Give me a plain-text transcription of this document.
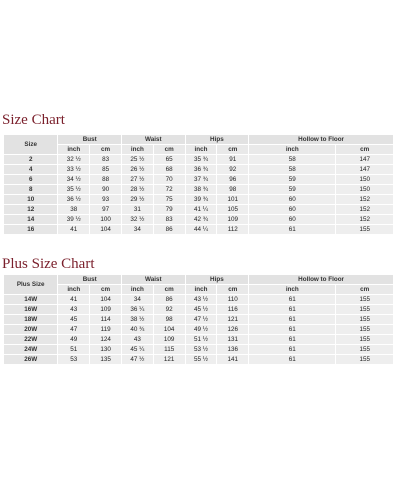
Size Chart
Size	Bust		Waist		Hips		Hollow to Floor	
	inch	cm	inch	cm	inch	cm	inch	cm
2	32 ½	83	25 ½	65	35 ¾	91	58	147
4	33 ½	85	26 ½	68	36 ¾	92	58	147
6	34 ½	88	27 ½	70	37 ¾	96	59	150
8	35 ½	90	28 ½	72	38 ¾	98	59	150
10	36 ½	93	29 ½	75	39 ¾	101	60	152
12	38	97	31	79	41 ¼	105	60	152
14	39 ½	100	32 ½	83	42 ¾	109	60	152
16	41	104	34	86	44 ¼	112	61	155
Plus Size Chart
Plus Size	Bust		Waist		Hips		Hollow to Floor	
	inch	cm	inch	cm	inch	cm	inch	cm
14W	41	104	34	86	43 ½	110	61	155
16W	43	109	36 ¼	92	45 ½	116	61	155
18W	45	114	38 ½	98	47 ½	121	61	155
20W	47	119	40 ¾	104	49 ½	126	61	155
22W	49	124	43	109	51 ½	131	61	155
24W	51	130	45 ¼	115	53 ½	136	61	155
26W	53	135	47 ½	121	55 ½	141	61	155
